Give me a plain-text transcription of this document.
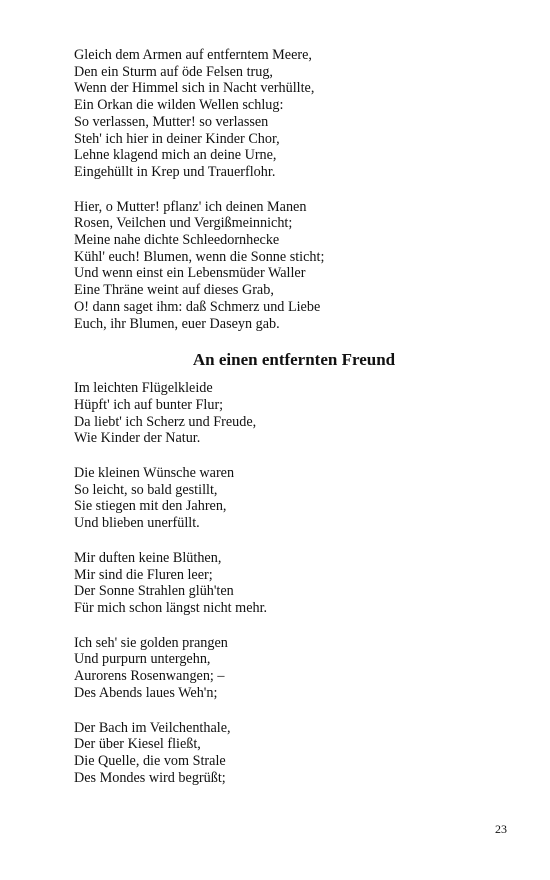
Gleich dem Armen auf entferntem Meere,
Den ein Sturm auf öde Felsen trug,
Wenn der Himmel sich in Nacht verhüllte,
Ein Orkan die wilden Wellen schlug:
So verlassen, Mutter! so verlassen
Steh' ich hier in deiner Kinder Chor,
Lehne klagend mich an deine Urne,
Eingehüllt in Krep und Trauerflohr.
Hier, o Mutter! pflanz' ich deinen Manen
Rosen, Veilchen und Vergißmeinnicht;
Meine nahe dichte Schleedornhecke
Kühl' euch! Blumen, wenn die Sonne sticht;
Und wenn einst ein Lebensmüder Waller
Eine Thräne weint auf dieses Grab,
O! dann saget ihm: daß Schmerz und Liebe
Euch, ihr Blumen, euer Daseyn gab.
An einen entfernten Freund
Im leichten Flügelkleide
Hüpft' ich auf bunter Flur;
Da liebt' ich Scherz und Freude,
Wie Kinder der Natur.
Die kleinen Wünsche waren
So leicht, so bald gestillt,
Sie stiegen mit den Jahren,
Und blieben unerfüllt.
Mir duften keine Blüthen,
Mir sind die Fluren leer;
Der Sonne Strahlen glüh'ten
Für mich schon längst nicht mehr.
Ich seh' sie golden prangen
Und purpurn untergehn,
Aurorens Rosenwangen; –
Des Abends laues Weh'n;
Der Bach im Veilchenthale,
Der über Kiesel fließt,
Die Quelle, die vom Strale
Des Mondes wird begrüßt;
23
